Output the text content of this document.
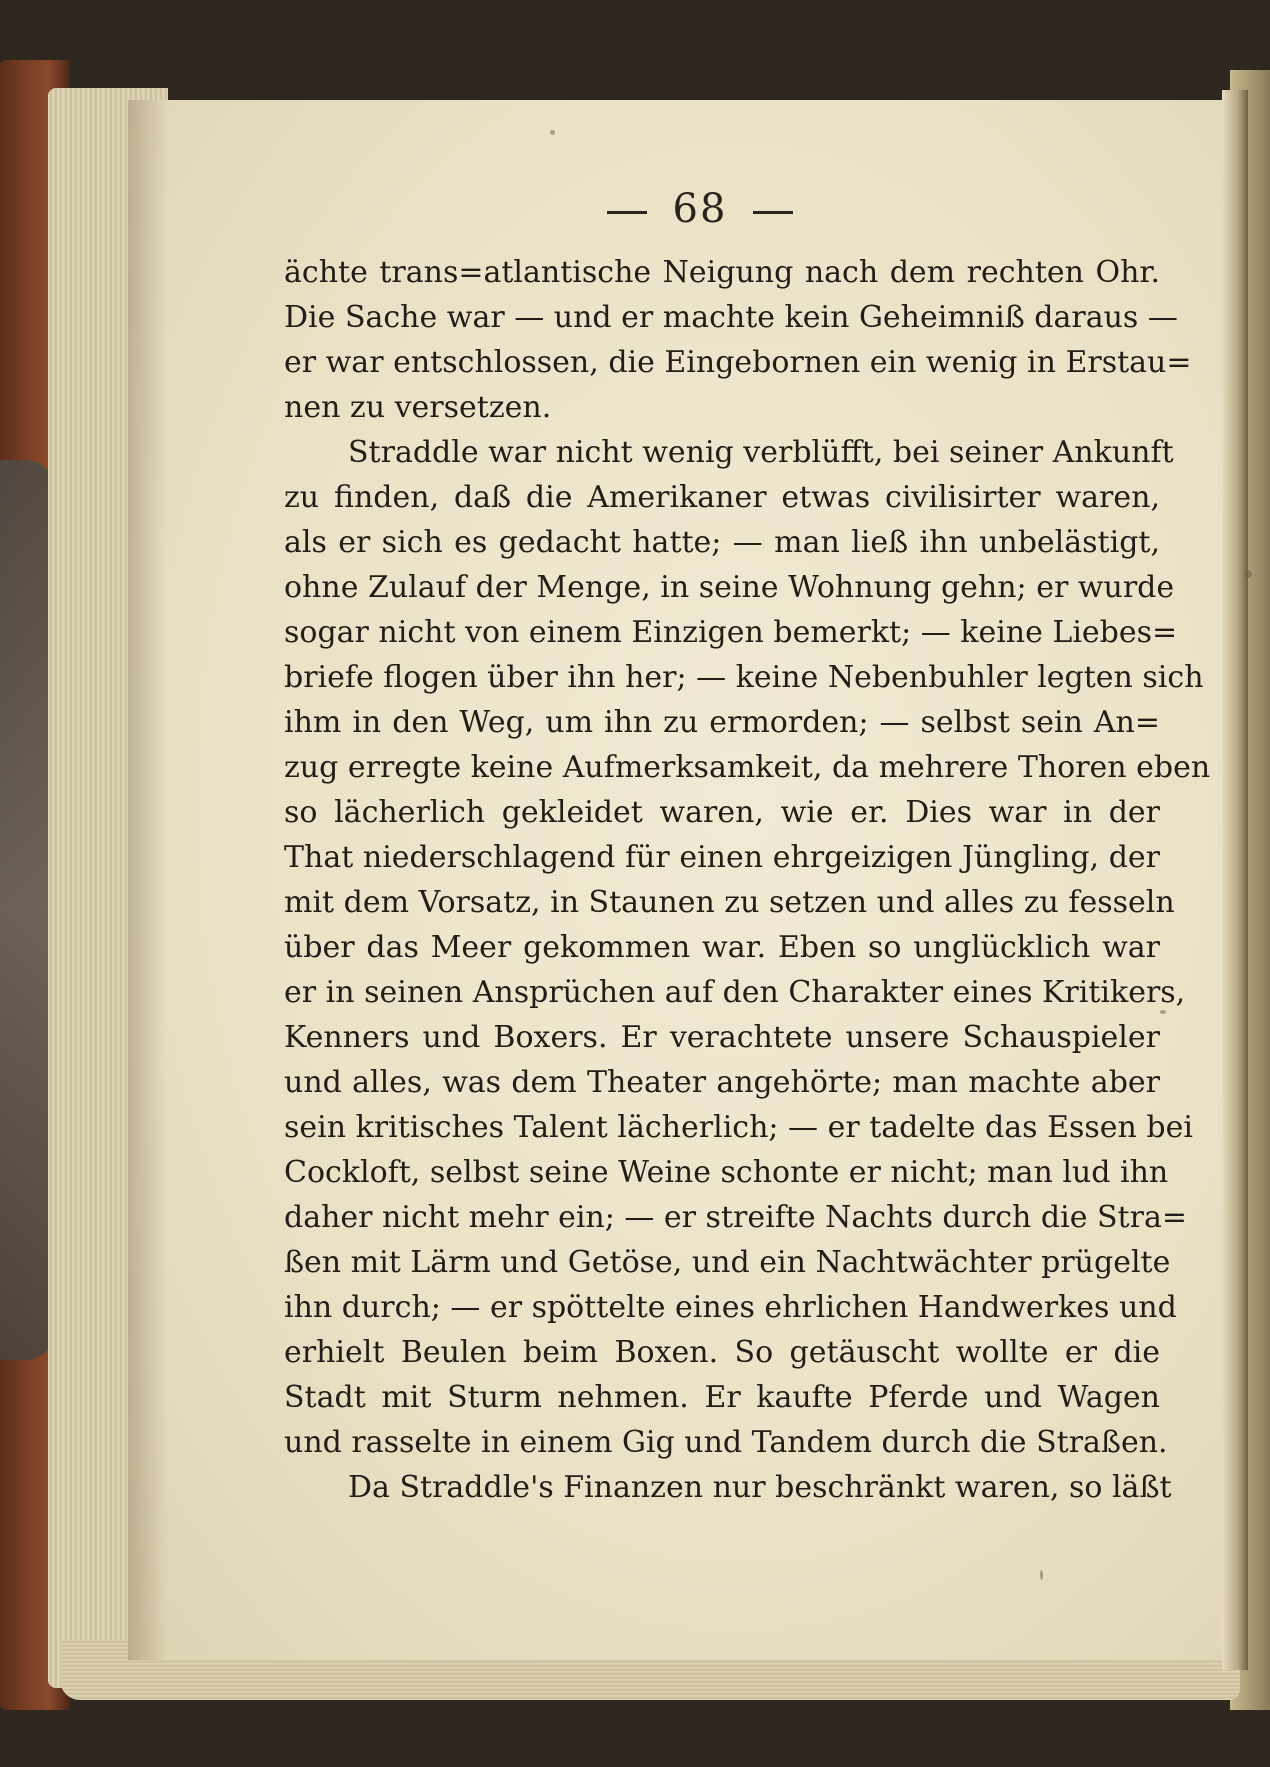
68
ächte trans=atlantische Neigung nach dem rechten Ohr.
Die Sache war — und er machte kein Geheimniß daraus —
er war entschlossen, die Eingebornen ein wenig in Erstau=
nen zu versetzen.
Straddle war nicht wenig verblüfft, bei seiner Ankunft
zu finden, daß die Amerikaner etwas civilisirter waren,
als er sich es gedacht hatte; — man ließ ihn unbelästigt,
ohne Zulauf der Menge, in seine Wohnung gehn; er wurde
sogar nicht von einem Einzigen bemerkt; — keine Liebes=
briefe flogen über ihn her; — keine Nebenbuhler legten sich
ihm in den Weg, um ihn zu ermorden; — selbst sein An=
zug erregte keine Aufmerksamkeit, da mehrere Thoren eben
so lächerlich gekleidet waren, wie er. Dies war in der
That niederschlagend für einen ehrgeizigen Jüngling, der
mit dem Vorsatz, in Staunen zu setzen und alles zu fesseln
über das Meer gekommen war. Eben so unglücklich war
er in seinen Ansprüchen auf den Charakter eines Kritikers,
Kenners und Boxers. Er verachtete unsere Schauspieler
und alles, was dem Theater angehörte; man machte aber
sein kritisches Talent lächerlich; — er tadelte das Essen bei
Cockloft, selbst seine Weine schonte er nicht; man lud ihn
daher nicht mehr ein; — er streifte Nachts durch die Stra=
ßen mit Lärm und Getöse, und ein Nachtwächter prügelte
ihn durch; — er spöttelte eines ehrlichen Handwerkes und
erhielt Beulen beim Boxen. So getäuscht wollte er die
Stadt mit Sturm nehmen. Er kaufte Pferde und Wagen
und rasselte in einem Gig und Tandem durch die Straßen.
Da Straddle's Finanzen nur beschränkt waren, so läßt
